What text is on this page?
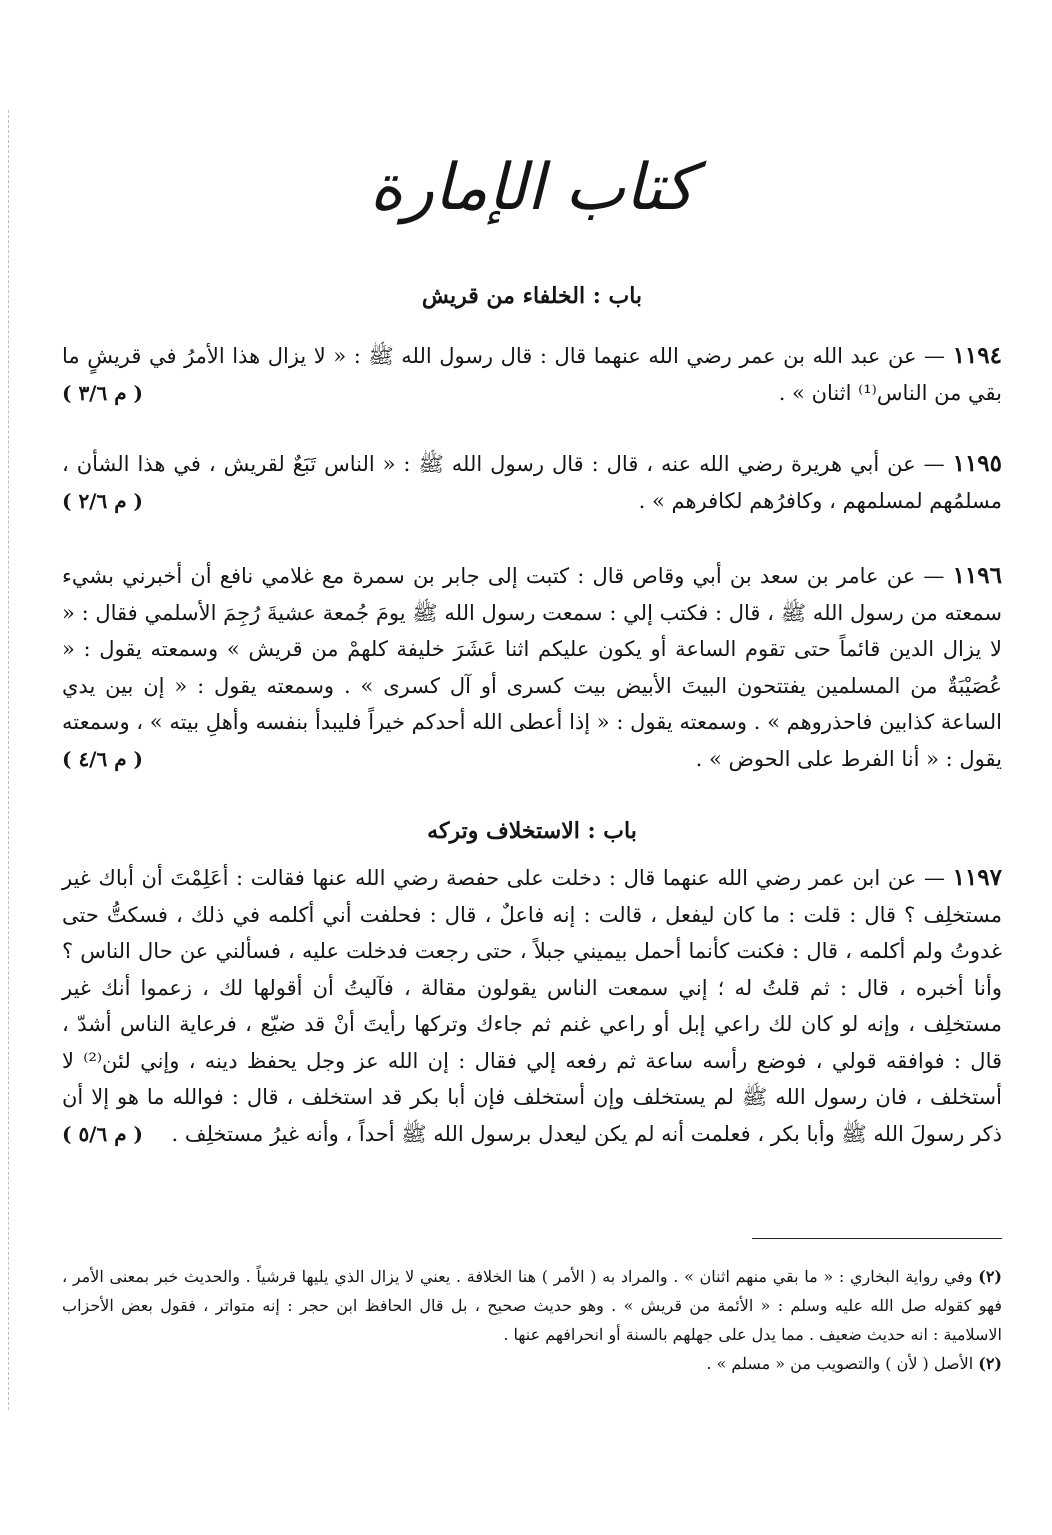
كتاب الإمارة
باب : الخلفاء من قريش
١١٩٤ — عن عبد الله بن عمر رضي الله عنهما قال : قال رسول الله ﷺ : « لا يزال هذا الأمرُ في قريشٍ ما بقي من الناس⁽¹⁾ اثنان » .
( م ٣/٦ )
١١٩٥ — عن أبي هريرة رضي الله عنه ، قال : قال رسول الله ﷺ : « الناس تَبَعٌ لقريش ، في هذا الشأن ، مسلمُهم لمسلمهم ، وكافرُهم لكافرهم » .
( م ٢/٦ )
١١٩٦ — عن عامر بن سعد بن أبي وقاص قال : كتبت إلى جابر بن سمرة مع غلامي نافع أن أخبرني بشيء سمعته من رسول الله ﷺ ، قال : فكتب إلي : سمعت رسول الله ﷺ يومَ جُمعة عشيةَ رُجِمَ الأسلمي فقال : « لا يزال الدين قائماً حتى تقوم الساعة أو يكون عليكم اثنا عَشَرَ خليفة كلهمْ من قريش » وسمعته يقول : « عُصَيْبَةٌ من المسلمين يفتتحون البيتَ الأبيض بيت كسرى أو آل كسرى » . وسمعته يقول : « إن بين يدي الساعة كذابين فاحذروهم » . وسمعته يقول : « إذا أعطى الله أحدكم خيراً فليبدأ بنفسه وأهلِ بيته » ، وسمعته يقول : « أنا الفرط على الحوض » .
( م ٤/٦ )
باب : الاستخلاف وتركه
١١٩٧ — عن ابن عمر رضي الله عنهما قال : دخلت على حفصة رضي الله عنها فقالت : أعَلِمْتَ أن أباك غير مستخلِف ؟ قال : قلت : ما كان ليفعل ، قالت : إنه فاعلٌ ، قال : فحلفت أني أكلمه في ذلك ، فسكتُّ حتى غدوتُ ولم أكلمه ، قال : فكنت كأنما أحمل بيميني جبلاً ، حتى رجعت فدخلت عليه ، فسألني عن حال الناس ؟ وأنا أخبره ، قال : ثم قلتُ له ؛ إني سمعت الناس يقولون مقالة ، فآليتُ أن أقولها لك ، زعموا أنك غير مستخلِف ، وإنه لو كان لك راعي إبل أو راعي غنم ثم جاءك وتركها رأيتَ أنْ قد ضيّع ، فرعاية الناس أشدّ ، قال : فوافقه قولي ، فوضع رأسه ساعة ثم رفعه إلي فقال : إن الله عز وجل يحفظ دينه ، وإني لئن⁽²⁾ لا أستخلف ، فان رسول الله ﷺ لم يستخلف وإن أستخلف فإن أبا بكر قد استخلف ، قال : فوالله ما هو إلا أن ذكر رسولَ الله ﷺ وأبا بكر ، فعلمت أنه لم يكن ليعدل برسول الله ﷺ أحداً ، وأنه غيرُ مستخلِف .
( م ٥/٦ )

(٢) وفي رواية البخاري : « ما بقي منهم اثنان » . والمراد به ( الأمر ) هنا الخلافة . يعني لا يزال الذي يليها قرشياً . والحديث خبر بمعنى الأمر ، فهو كقوله صل الله عليه وسلم : « الأئمة من قريش » . وهو حديث صحيح ، بل قال الحافظ ابن حجر : إنه متواتر ، فقول بعض الأحزاب الاسلامية : انه حديث ضعيف . مما يدل على جهلهم بالسنة أو انحرافهم عنها .

(٢) الأصل ( لأن ) والتصويب من « مسلم » .
